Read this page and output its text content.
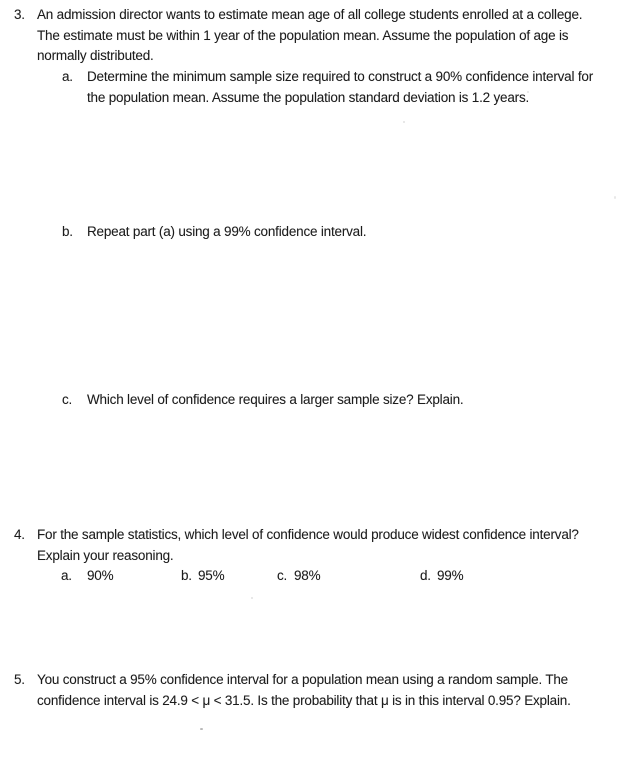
3. An admission director wants to estimate mean age of all college students enrolled at a college.
The estimate must be within 1 year of the population mean. Assume the population of age is
normally distributed.
a. Determine the minimum sample size required to construct a 90% confidence interval for
the population mean. Assume the population standard deviation is 1.2 years.
b. Repeat part (a) using a 99% confidence interval.
c. Which level of confidence requires a larger sample size? Explain.
4. For the sample statistics, which level of confidence would produce widest confidence interval?
Explain your reasoning.
a. 90%	b. 95%	c. 98%	d. 99%
5. You construct a 95% confidence interval for a population mean using a random sample. The
confidence interval is 24.9 < μ < 31.5. Is the probability that μ is in this interval 0.95? Explain.
